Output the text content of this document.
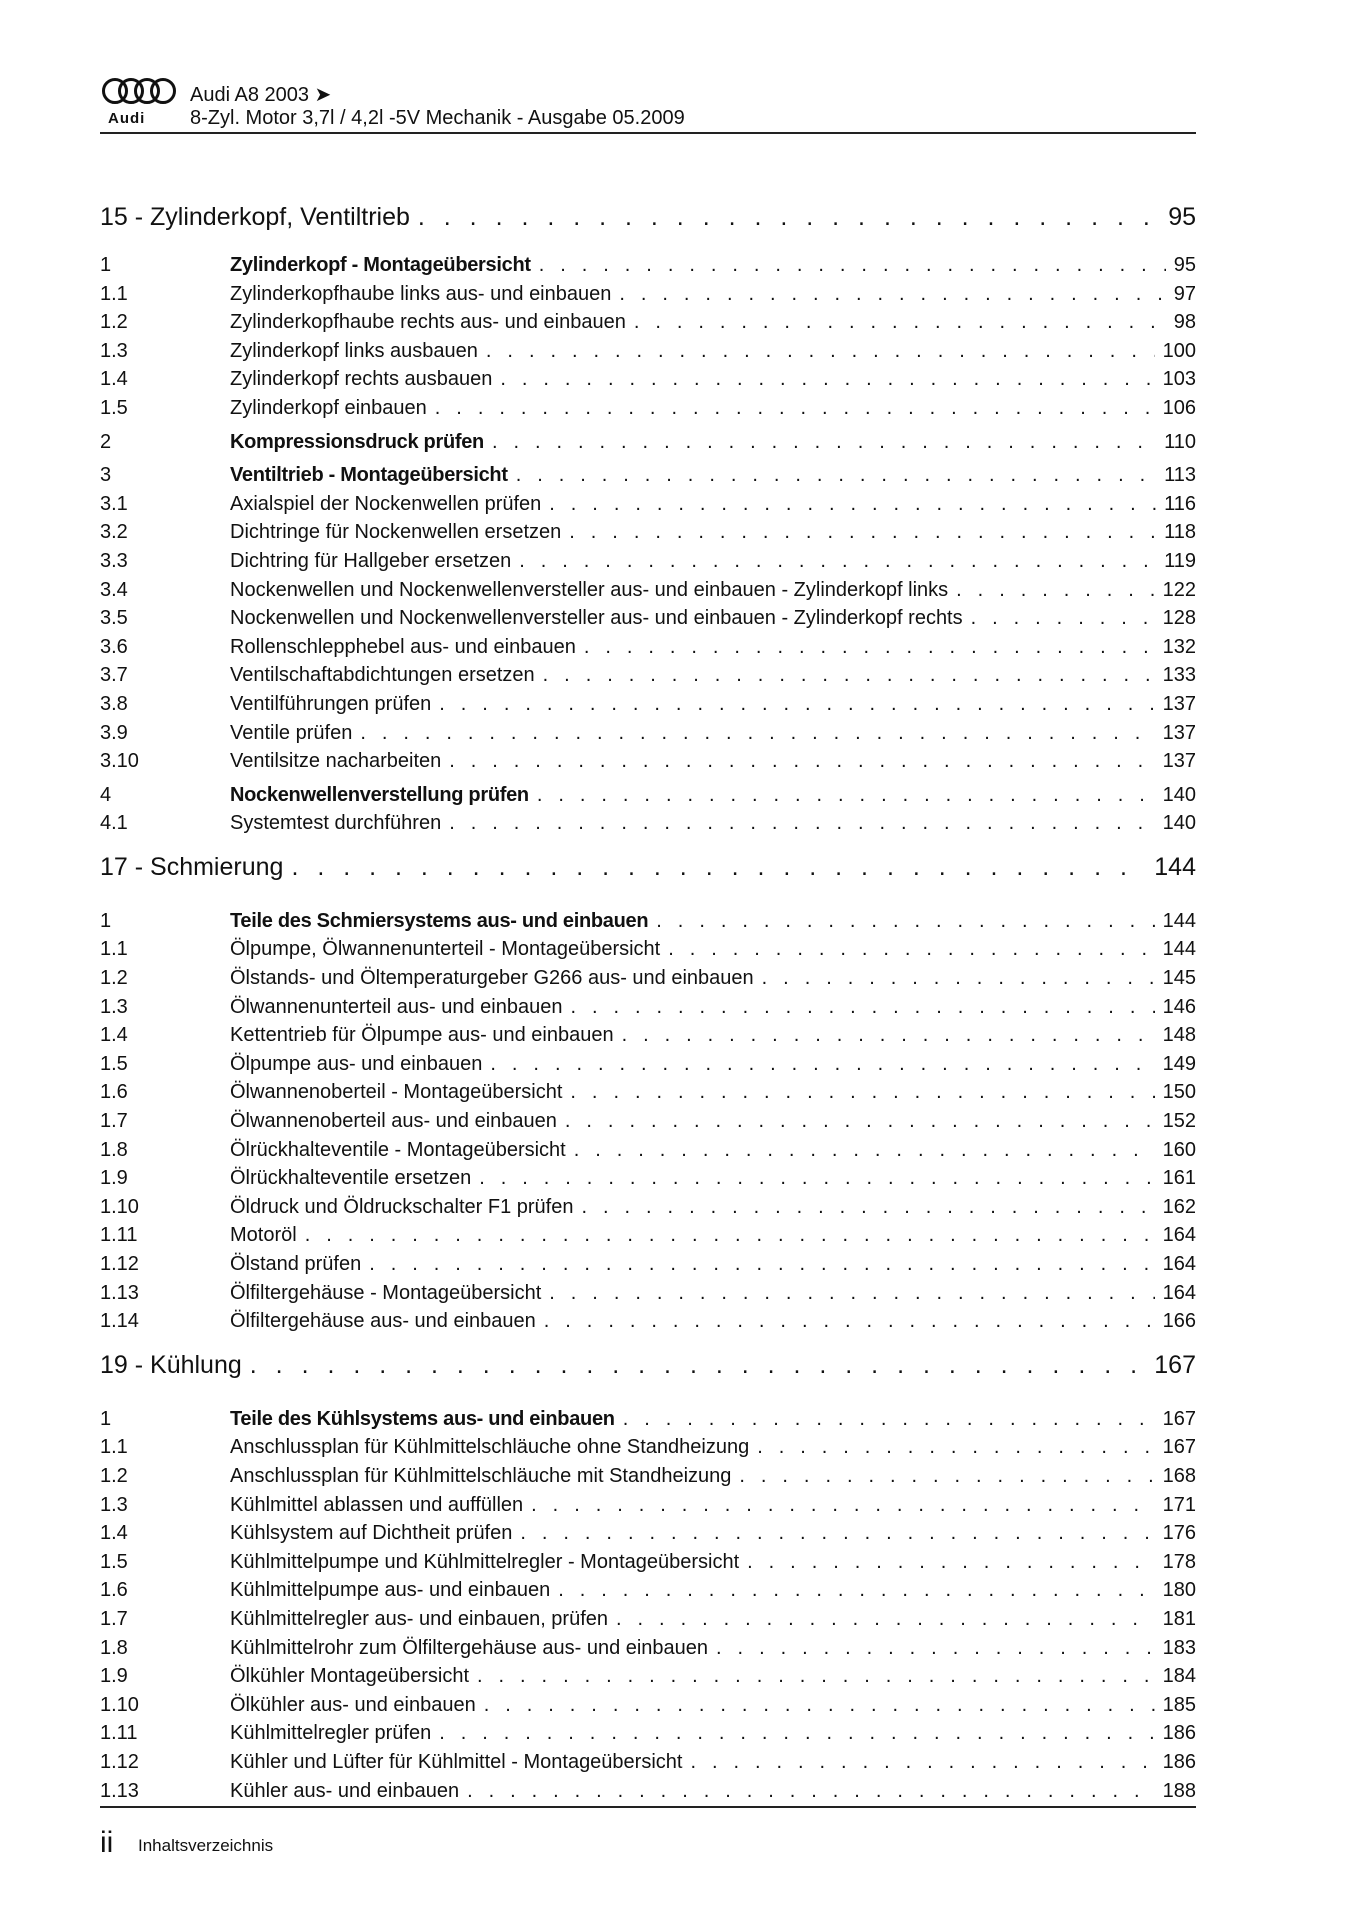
Audi
Audi A8 2003 ➤
8-Zyl. Motor 3,7l / 4,2l -5V Mechanik - Ausgabe 05.2009
15 - Zylinderkopf, Ventiltrieb . . .	95
1	Zylinderkopf - Montageübersicht . . .	95
1.1	Zylinderkopfhaube links aus- und einbauen . . .	97
1.2	Zylinderkopfhaube rechts aus- und einbauen . . .	98
1.3	Zylinderkopf links ausbauen . . .	100
1.4	Zylinderkopf rechts ausbauen . . .	103
1.5	Zylinderkopf einbauen . . .	106
2	Kompressionsdruck prüfen . . .	110
3	Ventiltrieb - Montageübersicht . . .	113
3.1	Axialspiel der Nockenwellen prüfen . . .	116
3.2	Dichtringe für Nockenwellen ersetzen . . .	118
3.3	Dichtring für Hallgeber ersetzen . . .	119
3.4	Nockenwellen und Nockenwellenversteller aus- und einbauen - Zylinderkopf links . . .	122
3.5	Nockenwellen und Nockenwellenversteller aus- und einbauen - Zylinderkopf rechts . . .	128
3.6	Rollenschlepphebel aus- und einbauen . . .	132
3.7	Ventilschaftabdichtungen ersetzen . . .	133
3.8	Ventilführungen prüfen . . .	137
3.9	Ventile prüfen . . .	137
3.10	Ventilsitze nacharbeiten . . .	137
4	Nockenwellenverstellung prüfen . . .	140
4.1	Systemtest durchführen . . .	140
17 - Schmierung . . .	144
1	Teile des Schmiersystems aus- und einbauen . . .	144
1.1	Ölpumpe, Ölwannenunterteil - Montageübersicht . . .	144
1.2	Ölstands- und Öltemperaturgeber G266 aus- und einbauen . . .	145
1.3	Ölwannenunterteil aus- und einbauen . . .	146
1.4	Kettentrieb für Ölpumpe aus- und einbauen . . .	148
1.5	Ölpumpe aus- und einbauen . . .	149
1.6	Ölwannenoberteil - Montageübersicht . . .	150
1.7	Ölwannenoberteil aus- und einbauen . . .	152
1.8	Ölrückhalteventile - Montageübersicht . . .	160
1.9	Ölrückhalteventile ersetzen . . .	161
1.10	Öldruck und Öldruckschalter F1 prüfen . . .	162
1.11	Motoröl . . .	164
1.12	Ölstand prüfen . . .	164
1.13	Ölfiltergehäuse - Montageübersicht . . .	164
1.14	Ölfiltergehäuse aus- und einbauen . . .	166
19 - Kühlung . . .	167
1	Teile des Kühlsystems aus- und einbauen . . .	167
1.1	Anschlussplan für Kühlmittelschläuche ohne Standheizung . . .	167
1.2	Anschlussplan für Kühlmittelschläuche mit Standheizung . . .	168
1.3	Kühlmittel ablassen und auffüllen . . .	171
1.4	Kühlsystem auf Dichtheit prüfen . . .	176
1.5	Kühlmittelpumpe und Kühlmittelregler - Montageübersicht . . .	178
1.6	Kühlmittelpumpe aus- und einbauen . . .	180
1.7	Kühlmittelregler aus- und einbauen, prüfen . . .	181
1.8	Kühlmittelrohr zum Ölfiltergehäuse aus- und einbauen . . .	183
1.9	Ölkühler Montageübersicht . . .	184
1.10	Ölkühler aus- und einbauen . . .	185
1.11	Kühlmittelregler prüfen . . .	186
1.12	Kühler und Lüfter für Kühlmittel - Montageübersicht . . .	186
1.13	Kühler aus- und einbauen . . .	188
ii Inhaltsverzeichnis
